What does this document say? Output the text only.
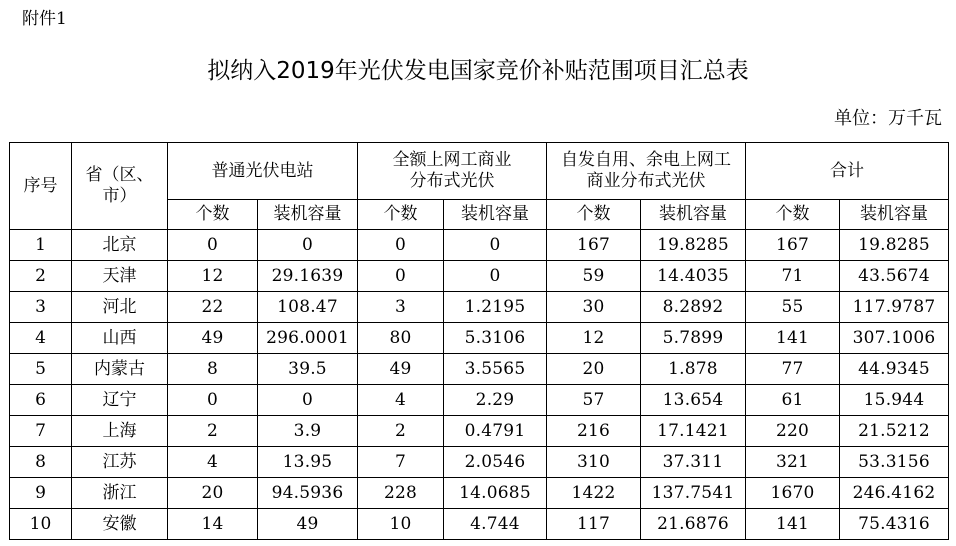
附件1
拟纳入2019年光伏发电国家竞价补贴范围项目汇总表
单位：万千瓦
序号	省（区、市）	普通光伏电站		全额上网工商业分布式光伏		自发自用、余电上网工商业分布式光伏		合计	
		个数	装机容量	个数	装机容量	个数	装机容量	个数	装机容量
1	北京	0	0	0	0	167	19.8285	167	19.8285
2	天津	12	29.1639	0	0	59	14.4035	71	43.5674
3	河北	22	108.47	3	1.2195	30	8.2892	55	117.9787
4	山西	49	296.0001	80	5.3106	12	5.7899	141	307.1006
5	内蒙古	8	39.5	49	3.5565	20	1.878	77	44.9345
6	辽宁	0	0	4	2.29	57	13.654	61	15.944
7	上海	2	3.9	2	0.4791	216	17.1421	220	21.5212
8	江苏	4	13.95	7	2.0546	310	37.311	321	53.3156
9	浙江	20	94.5936	228	14.0685	1422	137.7541	1670	246.4162
10	安徽	14	49	10	4.744	117	21.6876	141	75.4316
